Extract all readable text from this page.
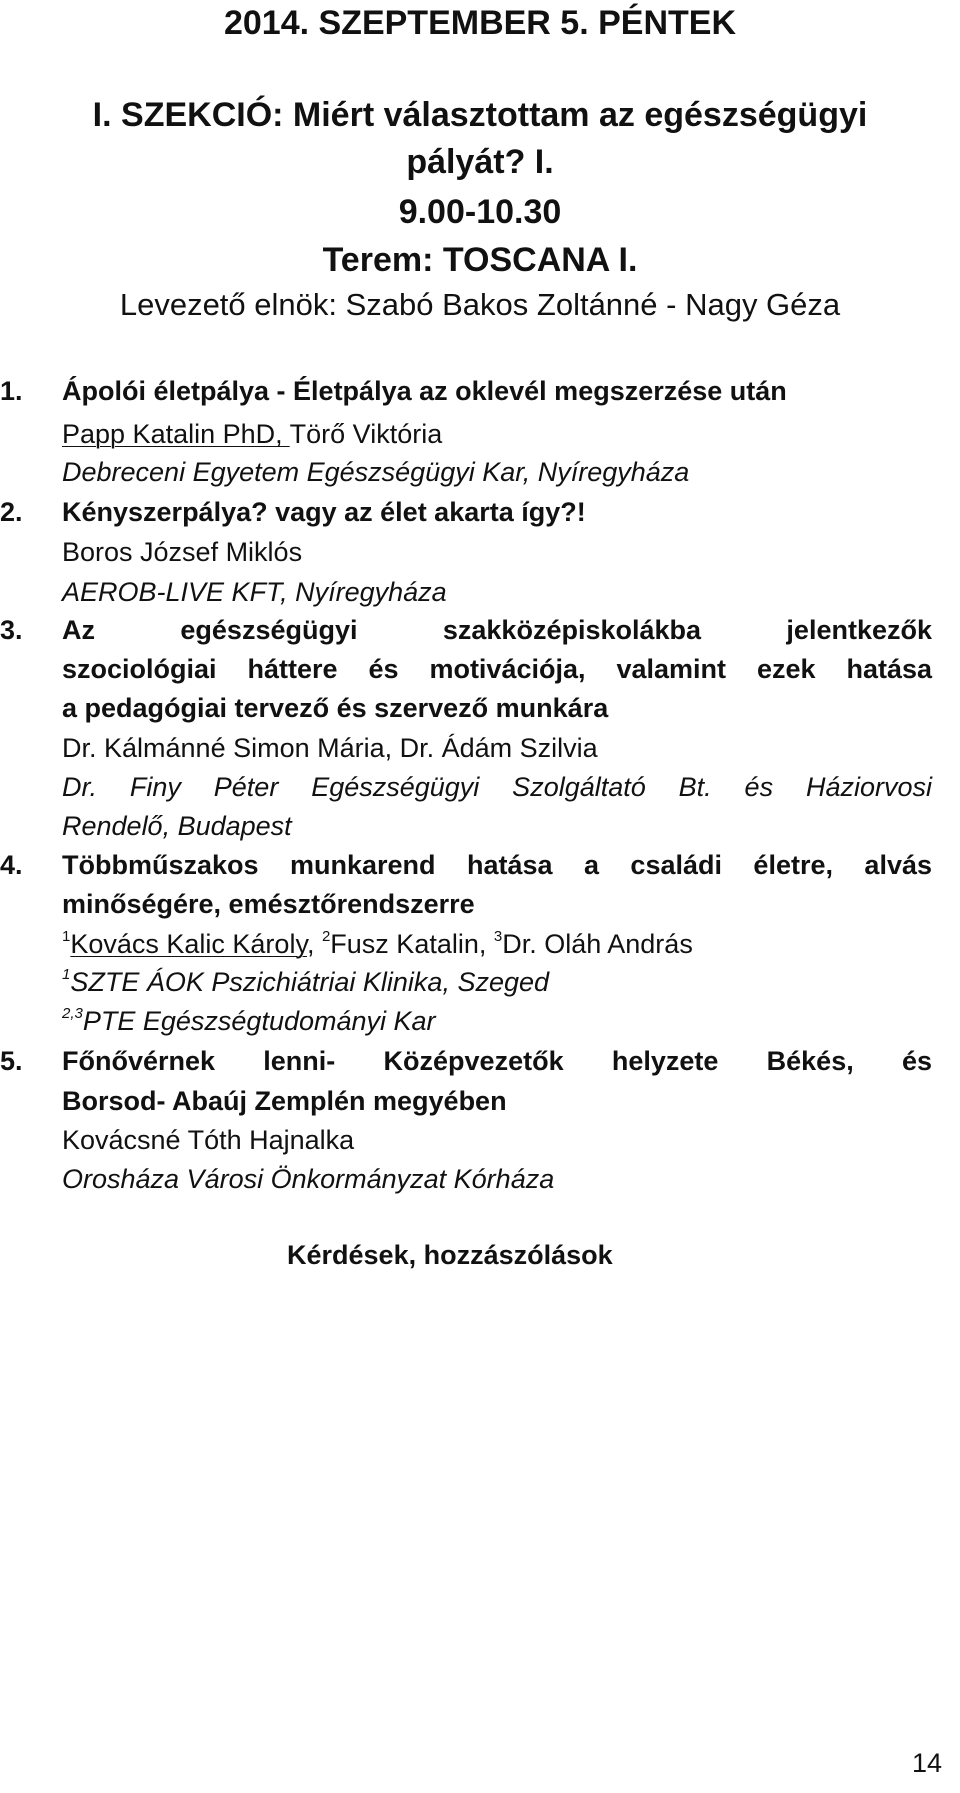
2014. SZEPTEMBER 5. PÉNTEK
I. SZEKCIÓ: Miért választottam az egészségügyi
pályát? I.
9.00-10.30
Terem: TOSCANA I.
Levezető elnök: Szabó Bakos Zoltánné - Nagy Géza
1. Ápolói életpálya - Életpálya az oklevél megszerzése után
Papp Katalin PhD, Törő Viktória
Debreceni Egyetem Egészségügyi Kar, Nyíregyháza
2. Kényszerpálya? vagy az élet akarta így?!
Boros József Miklós
AEROB-LIVE KFT, Nyíregyháza
3. Az egészségügyi szakközépiskolákba jelentkezők
szociológiai háttere és motivációja, valamint ezek hatása
a pedagógiai tervező és szervező munkára
Dr. Kálmánné Simon Mária, Dr. Ádám Szilvia
Dr. Finy Péter Egészségügyi Szolgáltató Bt. és Háziorvosi
Rendelő, Budapest
4. Többműszakos munkarend hatása a családi életre, alvás
minőségére, emésztőrendszerre
$^1$Kovács Kalic Károly, $^2$Fusz Katalin, $^3$Dr. Oláh András
$^1$SZTE ÁOK Pszichiátriai Klinika, Szeged
$^{2,3}$PTE Egészségtudományi Kar
5. Főnővérnek lenni- Középvezetők helyzete Békés, és
Borsod- Abaúj Zemplén megyében
Kovácsné Tóth Hajnalka
Orosháza Városi Önkormányzat Kórháza
Kérdések, hozzászólások
14
